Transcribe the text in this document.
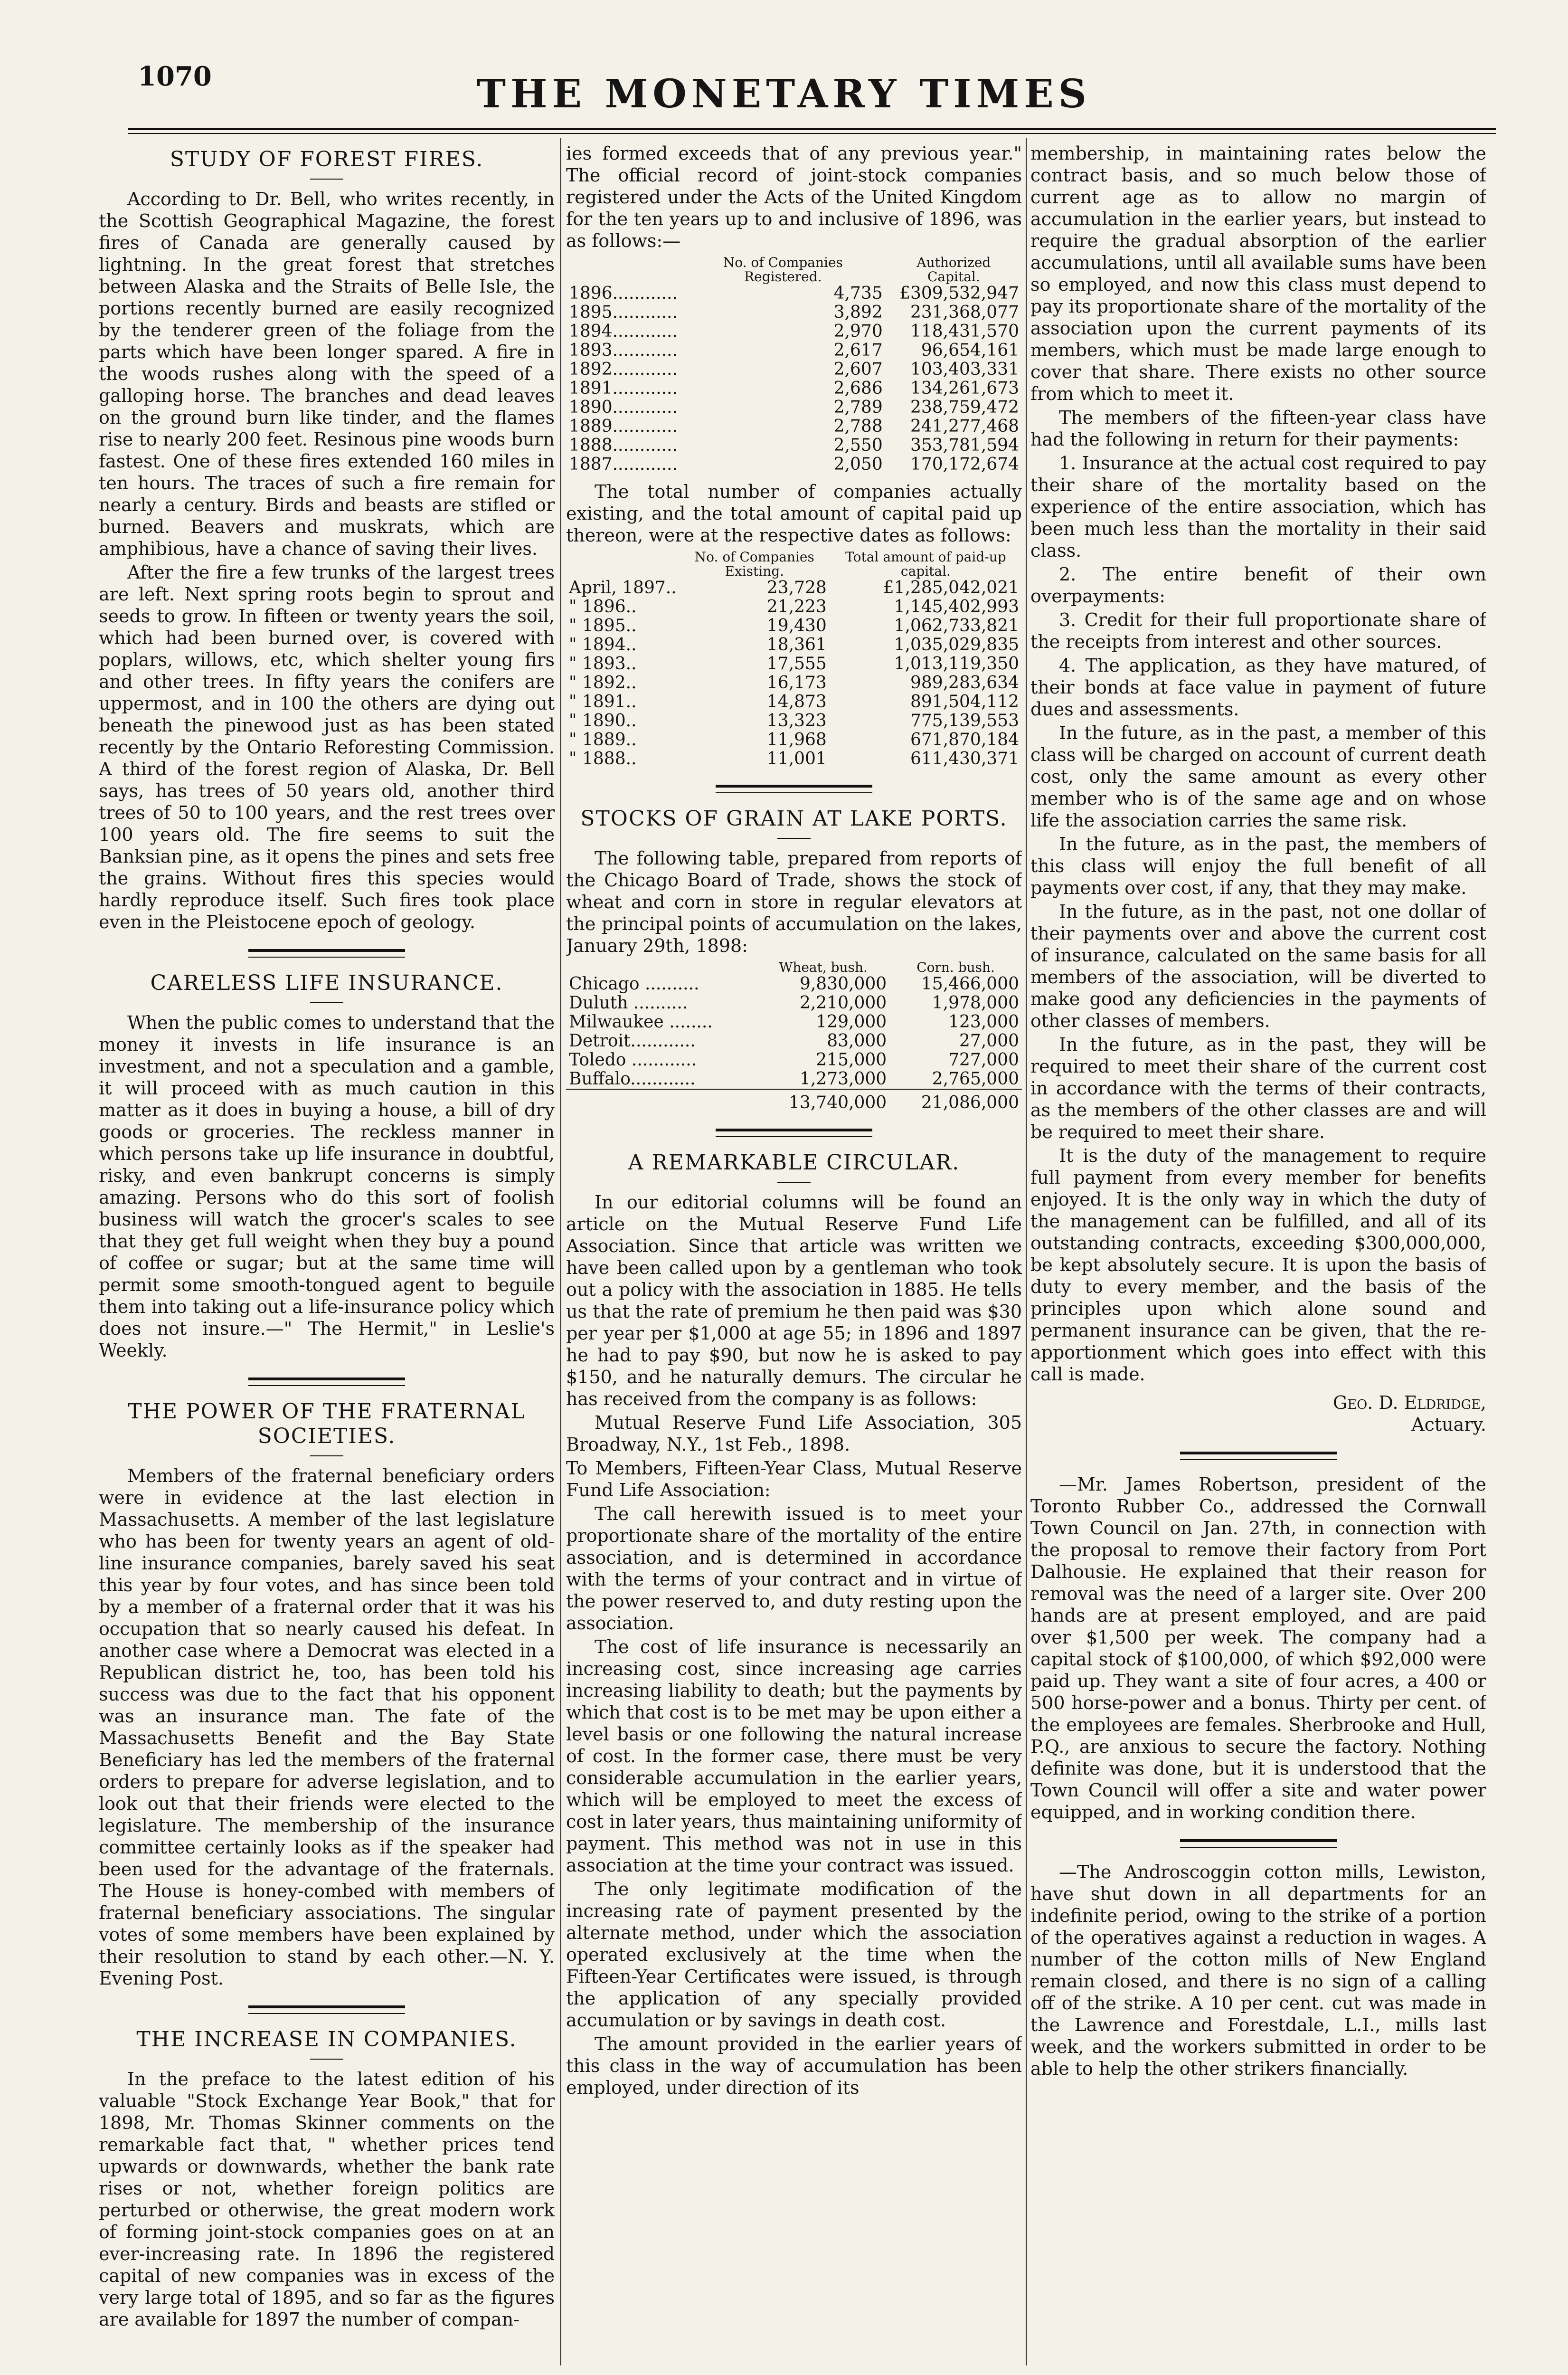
1070	THE MONETARY TIMES
STUDY OF FOREST FIRES.

According to Dr. Bell, who writes recently, in the Scottish Geographical Magazine, the forest fires of Canada are generally caused by lightning. In the great forest that stretches between Alaska and the Straits of Belle Isle, the portions recently burned are easily recognized by the tenderer green of the foliage from the parts which have been longer spared. A fire in the woods rushes along with the speed of a galloping horse. The branches and dead leaves on the ground burn like tinder, and the flames rise to nearly 200 feet. Resinous pine woods burn fastest. One of these fires extended 160 miles in ten hours. The traces of such a fire remain for nearly a century. Birds and beasts are stifled or burned. Beavers and muskrats, which are amphibious, have a chance of saving their lives.

After the fire a few trunks of the largest trees are left. Next spring roots begin to sprout and seeds to grow. In fifteen or twenty years the soil, which had been burned over, is covered with poplars, willows, etc, which shelter young firs and other trees. In fifty years the conifers are uppermost, and in 100 the others are dying out beneath the pinewood just as has been stated recently by the Ontario Reforesting Commission. A third of the forest region of Alaska, Dr. Bell says, has trees of 50 years old, another third trees of 50 to 100 years, and the rest trees over 100 years old. The fire seems to suit the Banksian pine, as it opens the pines and sets free the grains. Without fires this species would hardly reproduce itself. Such fires took place even in the Pleistocene epoch of geology.

CARELESS LIFE INSURANCE.

When the public comes to understand that the money it invests in life insurance is an investment, and not a speculation and a gamble, it will proceed with as much caution in this matter as it does in buying a house, a bill of dry goods or groceries. The reckless manner in which persons take up life insurance in doubtful, risky, and even bankrupt concerns is simply amazing. Persons who do this sort of foolish business will watch the grocer's scales to see that they get full weight when they buy a pound of coffee or sugar; but at the same time will permit some smooth-tongued agent to beguile them into taking out a life-insurance policy which does not insure.—" The Hermit," in Leslie's Weekly.

THE POWER OF THE FRATERNAL SOCIETIES.

Members of the fraternal beneficiary orders were in evidence at the last election in Massachusetts. A member of the last legislature who has been for twenty years an agent of old-line insurance companies, barely saved his seat this year by four votes, and has since been told by a member of a fraternal order that it was his occupation that so nearly caused his defeat. In another case where a Democrat was elected in a Republican district he, too, has been told his success was due to the fact that his opponent was an insurance man. The fate of the Massachusetts Benefit and the Bay State Beneficiary has led the members of the fraternal orders to prepare for adverse legislation, and to look out that their friends were elected to the legislature. The membership of the insurance committee certainly looks as if the speaker had been used for the advantage of the fraternals. The House is honey-combed with members of fraternal beneficiary associations. The singular votes of some members have been explained by their resolution to stand by each other.—N. Y. Evening Post.

THE INCREASE IN COMPANIES.

In the preface to the latest edition of his valuable "Stock Exchange Year Book," that for 1898, Mr. Thomas Skinner comments on the remarkable fact that, " whether prices tend upwards or downwards, whether the bank rate rises or not, whether foreign politics are perturbed or otherwise, the great modern work of forming joint-stock companies goes on at an ever-increasing rate. In 1896 the registered capital of new companies was in excess of the very large total of 1895, and so far as the figures are available for 1897 the number of compan-

ies formed exceeds that of any previous year." The official record of joint-stock companies registered under the Acts of the United Kingdom for the ten years up to and inclusive of 1896, was as follows:—

	No. of Companies Registered.	Authorized Capital.
1896............	4,735	£309,532,947
1895............	3,892	231,368,077
1894............	2,970	118,431,570
1893............	2,617	96,654,161
1892............	2,607	103,403,331
1891............	2,686	134,261,673
1890............	2,789	238,759,472
1889............	2,788	241,277,468
1888............	2,550	353,781,594
1887............	2,050	170,172,674

The total number of companies actually existing, and the total amount of capital paid up thereon, were at the respective dates as follows:

	No. of Companies Existing.	Total amount of paid-up capital.
April, 1897..	23,728	£1,285,042,021
" 1896..	21,223	1,145,402,993
" 1895..	19,430	1,062,733,821
" 1894..	18,361	1,035,029,835
" 1893..	17,555	1,013,119,350
" 1892..	16,173	989,283,634
" 1891..	14,873	891,504,112
" 1890..	13,323	775,139,553
" 1889..	11,968	671,870,184
" 1888..	11,001	611,430,371
STOCKS OF GRAIN AT LAKE PORTS.

The following table, prepared from reports of the Chicago Board of Trade, shows the stock of wheat and corn in store in regular elevators at the principal points of accumulation on the lakes, January 29th, 1898:

	Wheat, bush.	Corn. bush.
Chicago ..........	9,830,000	15,466,000
Duluth ..........	2,210,000	1,978,000
Milwaukee ........	129,000	123,000
Detroit............	83,000	27,000
Toledo ............	215,000	727,000
Buffalo............	1,273,000	2,765,000
	13,740,000	21,086,000
A REMARKABLE CIRCULAR.

In our editorial columns will be found an article on the Mutual Reserve Fund Life Association. Since that article was written we have been called upon by a gentleman who took out a policy with the association in 1885. He tells us that the rate of premium he then paid was $30 per year per $1,000 at age 55; in 1896 and 1897 he had to pay $90, but now he is asked to pay $150, and he naturally demurs. The circular he has received from the company is as follows:

Mutual Reserve Fund Life Association, 305 Broadway, N.Y., 1st Feb., 1898.

To Members, Fifteen-Year Class, Mutual Reserve Fund Life Association:

The call herewith issued is to meet your proportionate share of the mortality of the entire association, and is determined in accordance with the terms of your contract and in virtue of the power reserved to, and duty resting upon the association.

The cost of life insurance is necessarily an increasing cost, since increasing age carries increasing liability to death; but the payments by which that cost is to be met may be upon either a level basis or one following the natural increase of cost. In the former case, there must be very considerable accumulation in the earlier years, which will be employed to meet the excess of cost in later years, thus maintaining uniformity of payment. This method was not in use in this association at the time your contract was issued.

The only legitimate modification of the increasing rate of payment presented by the alternate method, under which the association operated exclusively at the time when the Fifteen-Year Certificates were issued, is through the application of any specially provided accumulation or by savings in death cost.

The amount provided in the earlier years of this class in the way of accumulation has been employed, under direction of its

membership, in maintaining rates below the contract basis, and so much below those of current age as to allow no margin of accumulation in the earlier years, but instead to require the gradual absorption of the earlier accumulations, until all available sums have been so employed, and now this class must depend to pay its proportionate share of the mortality of the association upon the current payments of its members, which must be made large enough to cover that share. There exists no other source from which to meet it.

The members of the fifteen-year class have had the following in return for their payments:

1. Insurance at the actual cost required to pay their share of the mortality based on the experience of the entire association, which has been much less than the mortality in their said class.

2. The entire benefit of their own overpayments:

3. Credit for their full proportionate share of the receipts from interest and other sources.

4. The application, as they have matured, of their bonds at face value in payment of future dues and assessments.

In the future, as in the past, a member of this class will be charged on account of current death cost, only the same amount as every other member who is of the same age and on whose life the association carries the same risk.

In the future, as in the past, the members of this class will enjoy the full benefit of all payments over cost, if any, that they may make.

In the future, as in the past, not one dollar of their payments over and above the current cost of insurance, calculated on the same basis for all members of the association, will be diverted to make good any deficiencies in the payments of other classes of members.

In the future, as in the past, they will be required to meet their share of the current cost in accordance with the terms of their contracts, as the members of the other classes are and will be required to meet their share.

It is the duty of the management to require full payment from every member for benefits enjoyed. It is the only way in which the duty of the management can be fulfilled, and all of its outstanding contracts, exceeding $300,000,000, be kept absolutely secure. It is upon the basis of duty to every member, and the basis of the principles upon which alone sound and permanent insurance can be given, that the re-apportionment which goes into effect with this call is made.

Geo. D. Eldridge,
Actuary.

—Mr. James Robertson, president of the Toronto Rubber Co., addressed the Cornwall Town Council on Jan. 27th, in connection with the proposal to remove their factory from Port Dalhousie. He explained that their reason for removal was the need of a larger site. Over 200 hands are at present employed, and are paid over $1,500 per week. The company had a capital stock of $100,000, of which $92,000 were paid up. They want a site of four acres, a 400 or 500 horse-power and a bonus. Thirty per cent. of the employees are females. Sherbrooke and Hull, P.Q., are anxious to secure the factory. Nothing definite was done, but it is understood that the Town Council will offer a site and water power equipped, and in working condition there.

—The Androscoggin cotton mills, Lewiston, have shut down in all departments for an indefinite period, owing to the strike of a portion of the operatives against a reduction in wages. A number of the cotton mills of New England remain closed, and there is no sign of a calling off of the strike. A 10 per cent. cut was made in the Lawrence and Forestdale, L.I., mills last week, and the workers submitted in order to be able to help the other strikers financially.
